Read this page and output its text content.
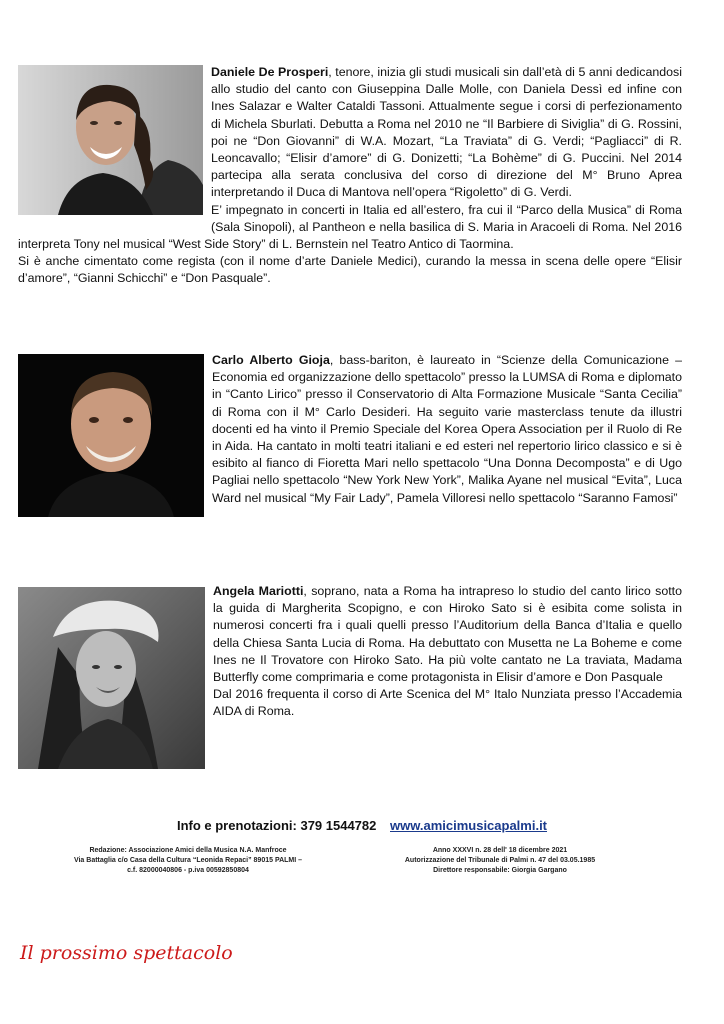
Daniele De Prosperi, tenore, inizia gli studi musicali sin dall’età di 5 anni dedicandosi allo studio del canto con Giuseppina Dalle Molle, con Daniela Dessì ed infine con Ines Salazar e Walter Cataldi Tassoni. Attualmente segue i corsi di perfezionamento di Michela Sburlati. Debutta a Roma nel 2010 ne “Il Barbiere di Siviglia” di G. Rossini, poi ne “Don Giovanni” di W.A. Mozart, “La Traviata” di G. Verdi; “Pagliacci” di R. Leoncavallo; “Elisir d’amore” di G. Donizetti; “La Bohème” di G. Puccini. Nel 2014 partecipa alla serata conclusiva del corso di direzione del M° Bruno Aprea interpretando il Duca di Mantova nell’opera “Rigoletto” di G. Verdi.

E’ impegnato in concerti in Italia ed all’estero, fra cui il “Parco della Musica” di Roma (Sala Sinopoli), al Pantheon e nella basilica di S. Maria in Aracoeli di Roma. Nel 2016 interpreta Tony nel musical “West Side Story” di L. Bernstein nel Teatro Antico di Taormina.

Si è anche cimentato come regista (con il nome d’arte Daniele Medici), curando la messa in scena delle opere “Elisir d’amore”, “Gianni Schicchi” e “Don Pasquale”.

Carlo Alberto Gioja, bass-bariton, è laureato in “Scienze della Comunicazione – Economia ed organizzazione dello spettacolo” presso la LUMSA di Roma e diplomato in “Canto Lirico” presso il Conservatorio di Alta Formazione Musicale “Santa Cecilia” di Roma con il M° Carlo Desideri. Ha seguito varie masterclass tenute da illustri docenti ed ha vinto il Premio Speciale del Korea Opera Association per il Ruolo di Re in Aida. Ha cantato in molti teatri italiani e ed esteri nel repertorio lirico classico e si è esibito al fianco di Fioretta Mari nello spettacolo “Una Donna Decomposta” e di Ugo Pagliai nello spettacolo “New York New York”, Malika Ayane nel musical “Evita”, Luca Ward nel musical “My Fair Lady”, Pamela Villoresi nello spettacolo “Saranno Famosi”

Angela Mariotti, soprano, nata a Roma ha intrapreso lo studio del canto lirico sotto la guida di Margherita Scopigno, e con Hiroko Sato si è esibita come solista in numerosi concerti fra i quali quelli presso l’Auditorium della Banca d’Italia e quello della Chiesa Santa Lucia di Roma. Ha debuttato con Musetta ne La Boheme e come Ines ne Il Trovatore con Hiroko Sato. Ha più volte cantato ne La traviata, Madama Butterfly come comprimaria e come protagonista in Elisir d’amore e Don Pasquale

Dal 2016 frequenta il corso di Arte Scenica del M° Italo Nunziata presso l’Accademia AIDA di Roma.

Info e prenotazioni: 379 1544782 www.amicimusicapalmi.it
Redazione: Associazione Amici della Musica N.A. Manfroce
Via Battaglia c/o Casa della Cultura “Leonida Repaci” 89015 PALMI –
c.f. 82000040806 - p.iva 00592850804
Anno XXXVI n. 28 dell' 18 dicembre 2021
Autorizzazione del Tribunale di Palmi n. 47 del 03.05.1985
Direttore responsabile: Giorgia Gargano
Il prossimo spettacolo
